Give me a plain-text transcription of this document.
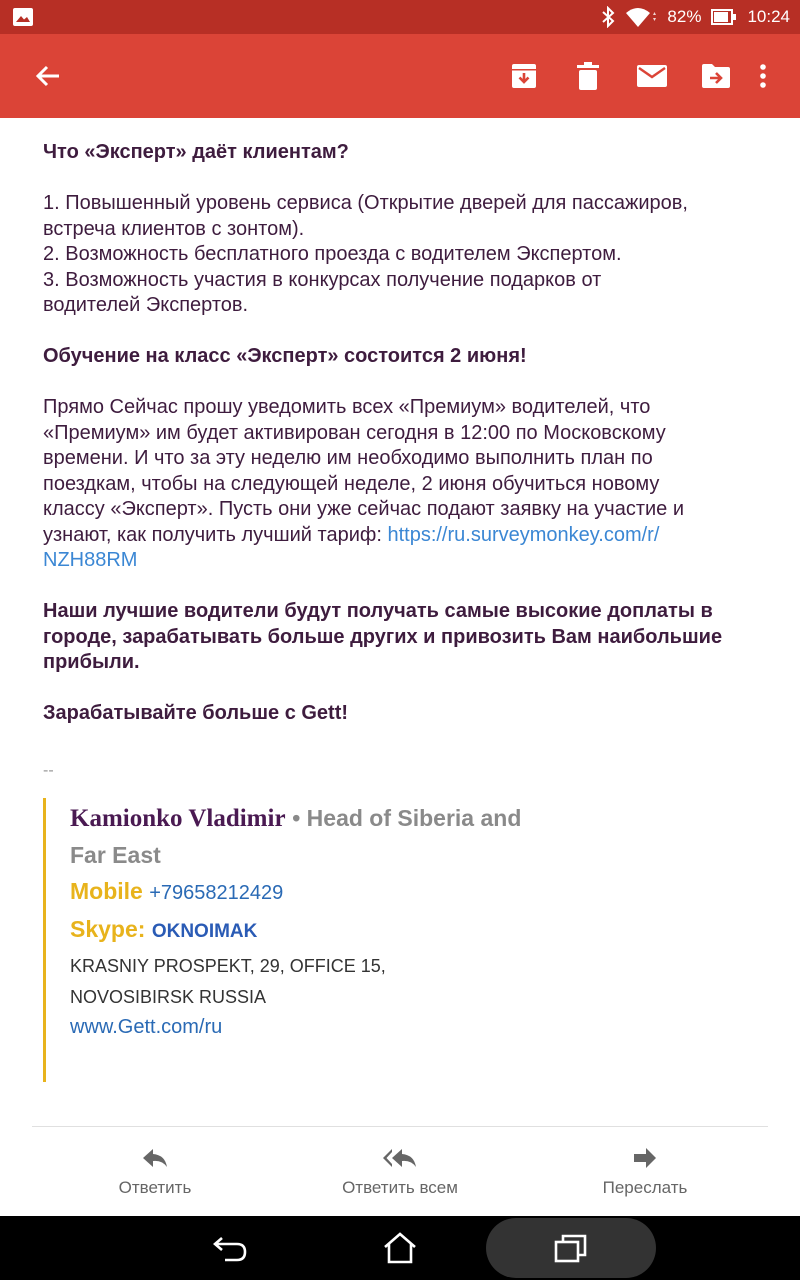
82%	10:24

Что «Эксперт» даёт клиентам?

1. Повышенный уровень сервиса (Открытие дверей для пассажиров,

встреча клиентов с зонтом).

2. Возможность бесплатного проезда с водителем Экспертом.

3. Возможность участия в конкурсах получение подарков от

водителей Экспертов.

Обучение на класс «Эксперт» состоится 2 июня!

Прямо Сейчас прошу уведомить всех «Премиум» водителей, что

«Премиум» им будет активирован сегодня в 12:00 по Московскому

времени. И что за эту неделю им необходимо выполнить план по

поездкам, чтобы на следующей неделе, 2 июня обучиться новому

классу «Эксперт». Пусть они уже сейчас подают заявку на участие и

узнают, как получить лучший тариф: https://ru.surveymonkey.com/r/

NZH88RM

Наши лучшие водители будут получать самые высокие доплаты в

городе, зарабатывать больше других и привозить Вам наибольшие

прибыли.

Зарабатывайте больше с Gett!

--

Kamionko Vladimir • Head of Siberia and
Far East
Mobile +79658212429
Skype: OKNOIMAK
KRASNIY PROSPEKT, 29, OFFICE 15,
NOVOSIBIRSK RUSSIA
www.Gett.com/ru
Ответить	Ответить всем	Переслать
